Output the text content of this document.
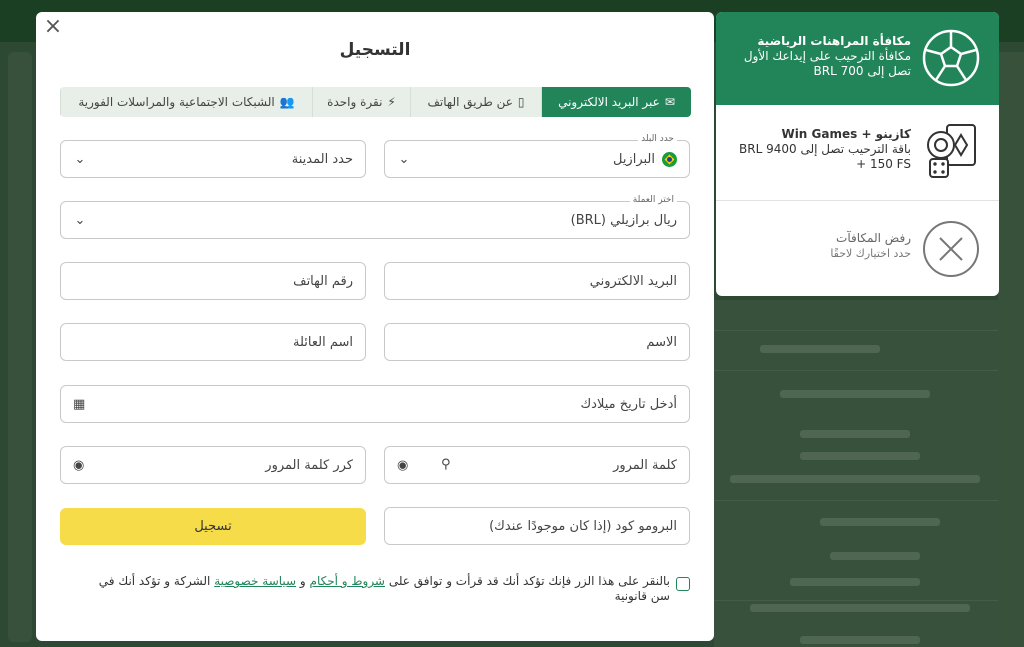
×
التسجيل
✉
عبر البريد الالكتروني
▯
عن طريق الهاتف
⚡
نقرة واحدة
👥
الشبكات الاجتماعية والمراسلات الفورية
حدد البلد
البرازيل
⌄
حدد المدينة
⌄
اختر العملة
ريال برازيلي (BRL)
⌄
البريد الالكتروني
رقم الهاتف
الاسم
اسم العائلة
أدخل تاريخ ميلادك
▦
كلمة المرور
⚲
◉
كرر كلمة المرور
◉
البرومو كود (إذا كان موجودًا عندك)
تسجيل
بالنقر على هذا الزر فإنك تؤكد أنك قد قرأت و توافق على شروط و أحكام و سياسة خصوصية الشركة و تؤكد أنك في سن قانونية
مكافأة المراهنات الرياضية
مكافأة الترحيب على إيداعك الأول تصل إلى 700 BRL
كازينو + Win Games
باقة الترحيب تصل إلى 9400 BRL + 150 FS
رفض المكافآت
حدد اختيارك لاحقًا
